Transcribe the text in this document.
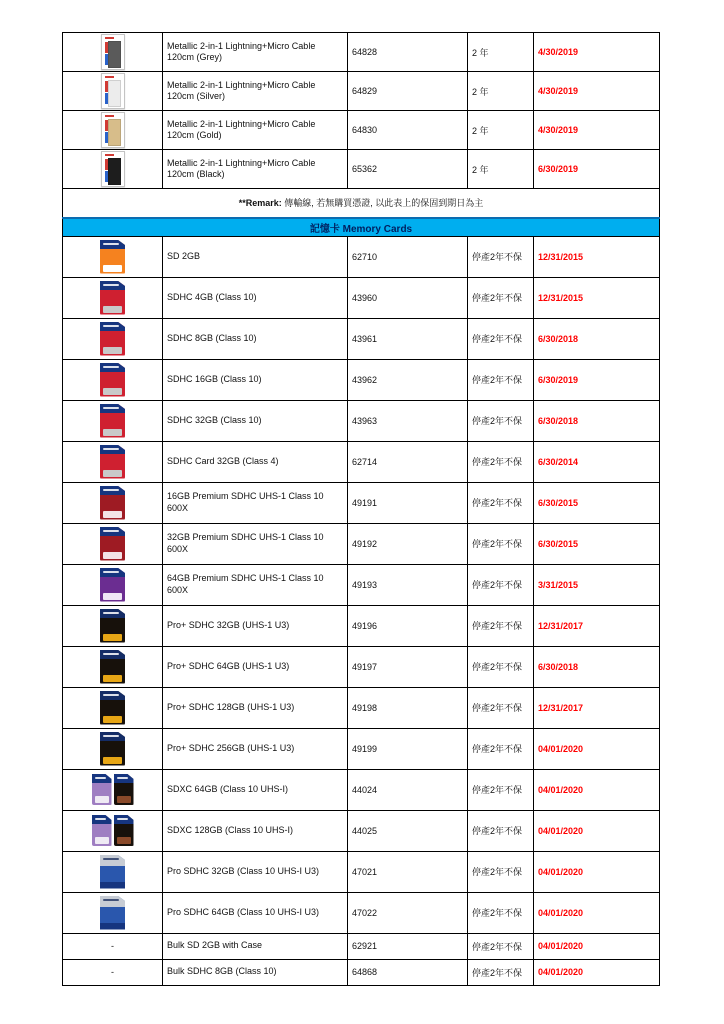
	Metallic 2-in-1 Lightning+Micro Cable 120cm (Grey)	64828	2 年	4/30/2019

	Metallic 2-in-1 Lightning+Micro Cable 120cm (Silver)	64829	2 年	4/30/2019

	Metallic 2-in-1 Lightning+Micro Cable 120cm (Gold)	64830	2 年	4/30/2019

	Metallic 2-in-1 Lightning+Micro Cable 120cm (Black)	65362	2 年	6/30/2019
**Remark: 傳輸線, 若無購買憑證, 以此表上的保固到期日為主				
記憶卡 Memory Cards				

	SD 2GB	62710	停產2年不保	12/31/2015

	SDHC 4GB (Class 10)	43960	停產2年不保	12/31/2015

	SDHC 8GB (Class 10)	43961	停產2年不保	6/30/2018

	SDHC 16GB (Class 10)	43962	停產2年不保	6/30/2019

	SDHC 32GB (Class 10)	43963	停產2年不保	6/30/2018

	SDHC Card 32GB (Class 4)	62714	停產2年不保	6/30/2014

	16GB Premium SDHC UHS-1 Class 10 600X	49191	停產2年不保	6/30/2015

	32GB Premium SDHC UHS-1 Class 10 600X	49192	停產2年不保	6/30/2015

	64GB Premium SDHC UHS-1 Class 10 600X	49193	停產2年不保	3/31/2015

	Pro+ SDHC 32GB (UHS-1 U3)	49196	停產2年不保	12/31/2017

	Pro+ SDHC 64GB (UHS-1 U3)	49197	停產2年不保	6/30/2018

	Pro+ SDHC 128GB (UHS-1 U3)	49198	停產2年不保	12/31/2017

	Pro+ SDHC 256GB (UHS-1 U3)	49199	停產2年不保	04/01/2020

	SDXC 64GB (Class 10 UHS-I)	44024	停產2年不保	04/01/2020

	SDXC 128GB (Class 10 UHS-I)	44025	停產2年不保	04/01/2020

	Pro SDHC 32GB (Class 10 UHS-I U3)	47021	停產2年不保	04/01/2020

	Pro SDHC 64GB (Class 10 UHS-I U3)	47022	停產2年不保	04/01/2020
-	Bulk SD 2GB with Case	62921	停產2年不保	04/01/2020
-	Bulk SDHC 8GB (Class 10)	64868	停產2年不保	04/01/2020
